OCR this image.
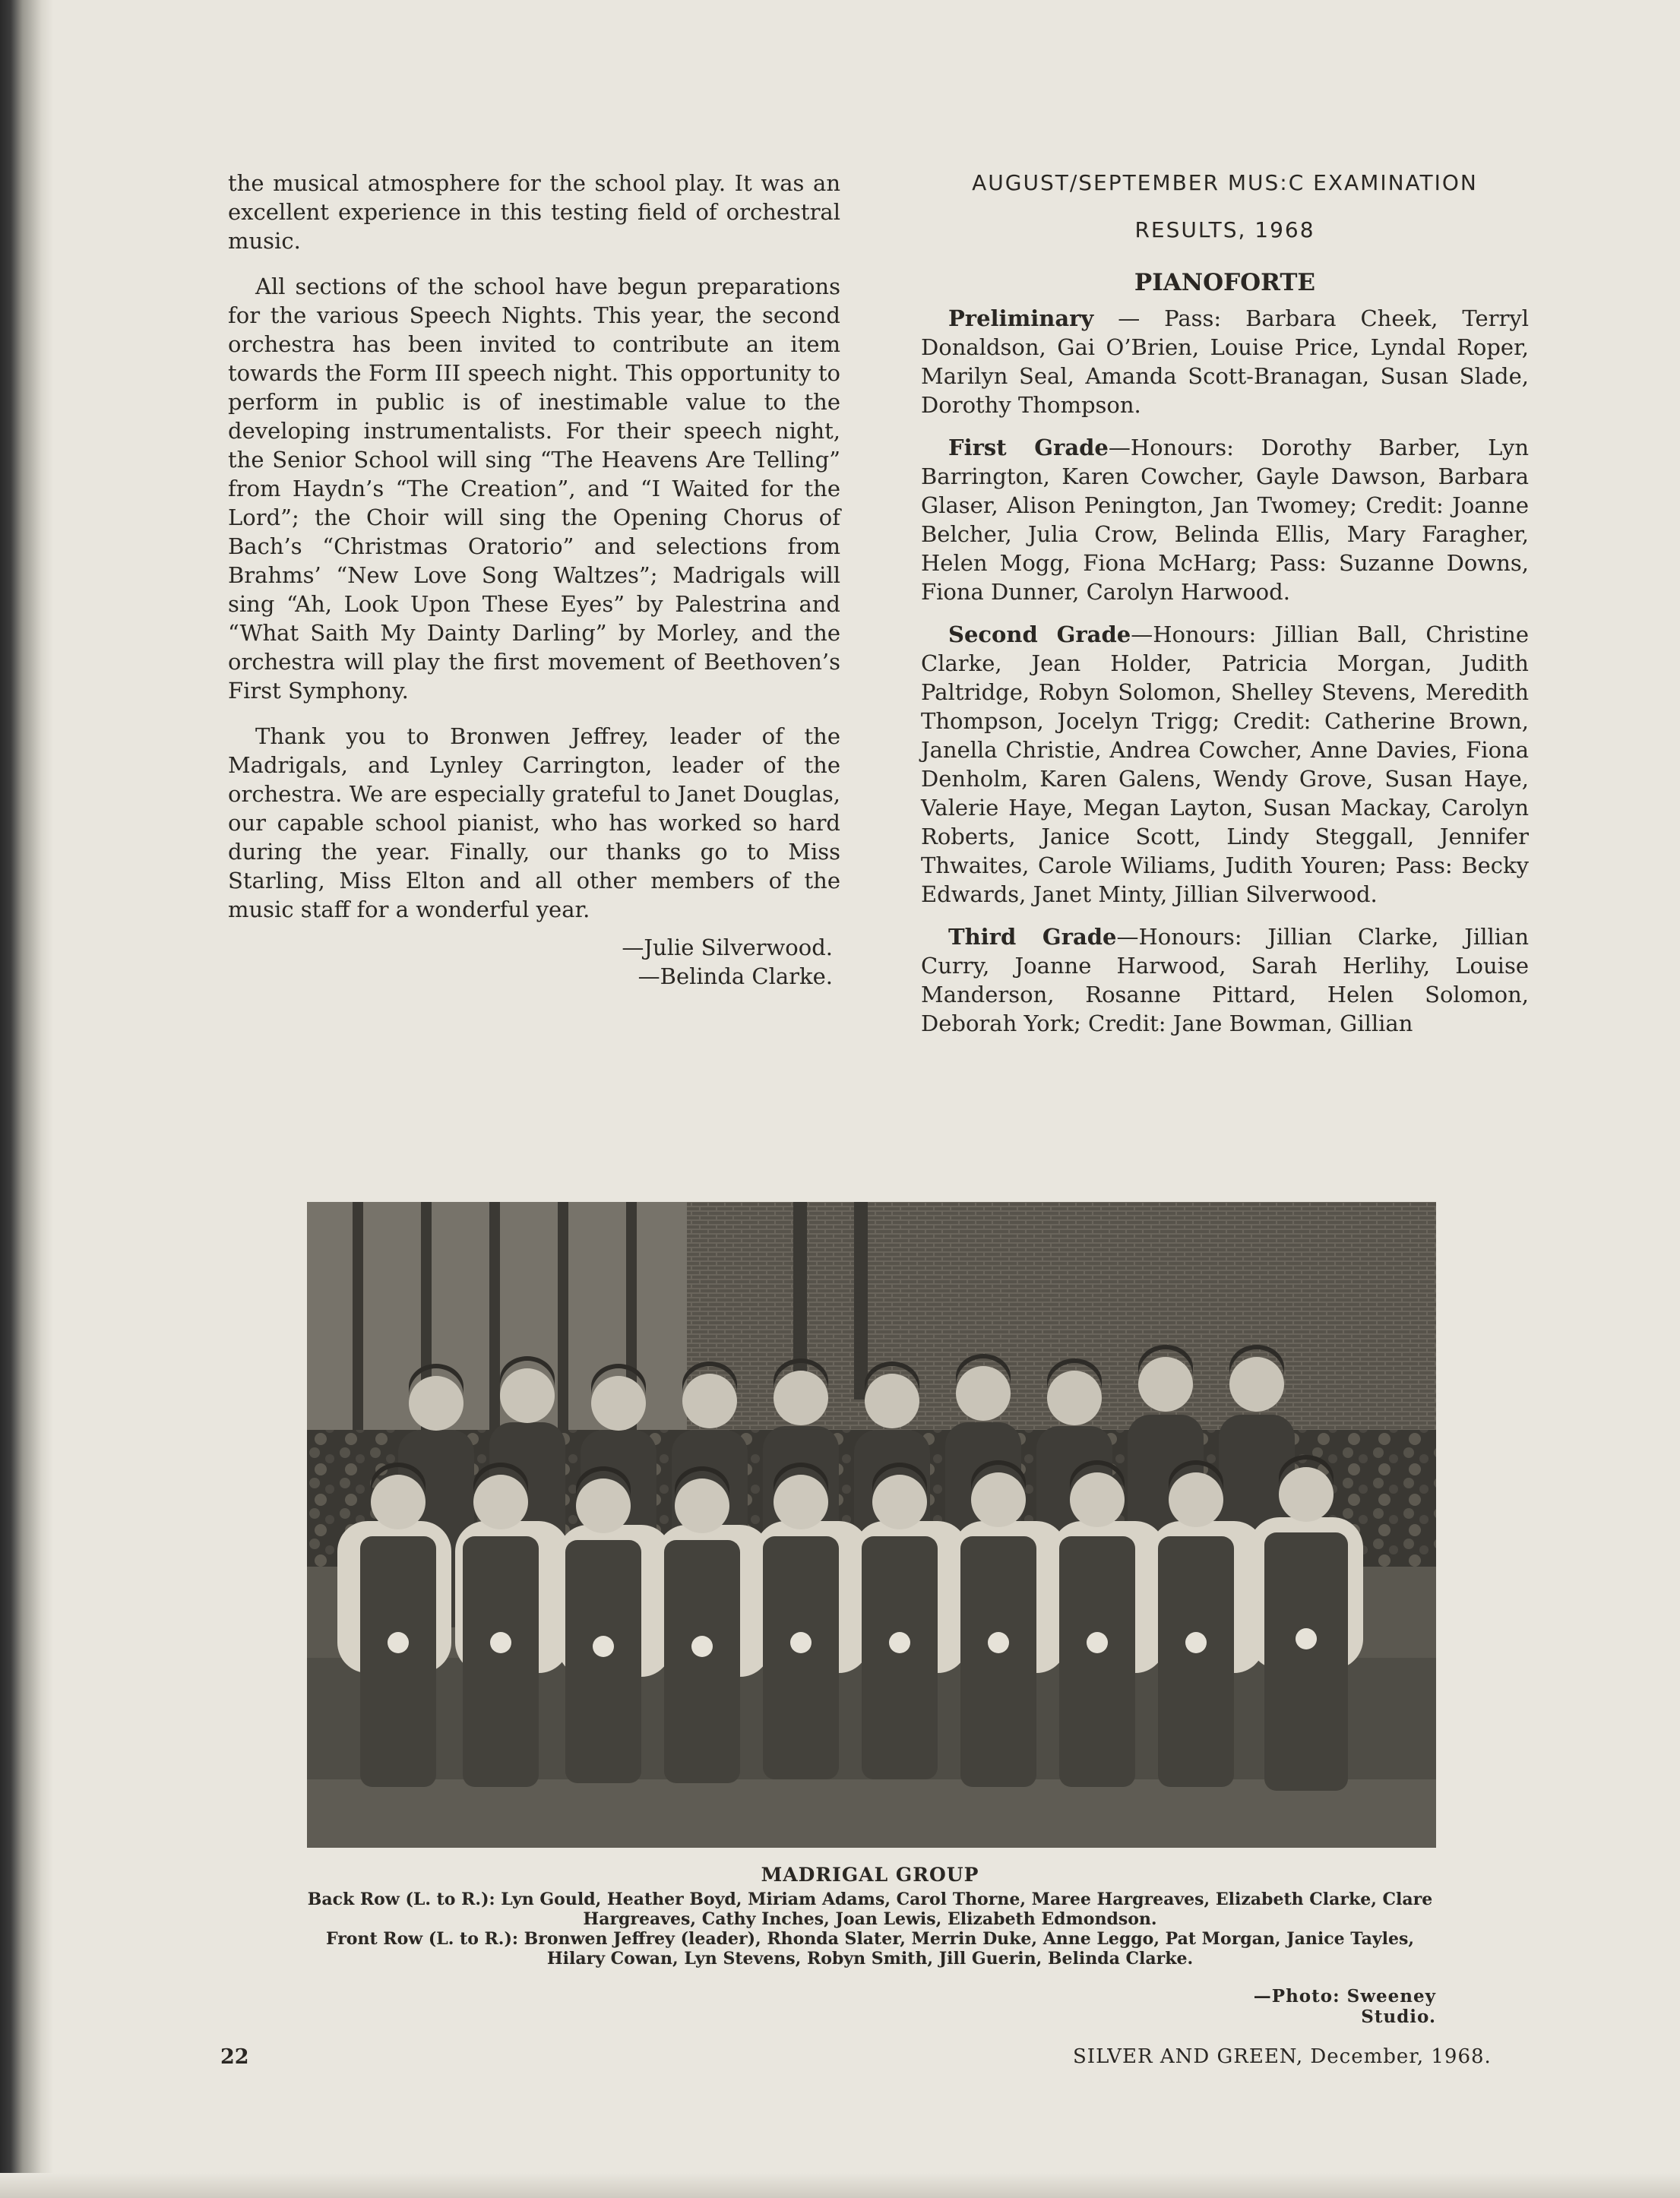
the musical atmosphere for the school play. It was an excellent experience in this testing field of orchestral music.

All sections of the school have begun preparations for the various Speech Nights. This year, the second orchestra has been invited to contribute an item towards the Form III speech night. This opportunity to perform in public is of inestimable value to the developing instrumentalists. For their speech night, the Senior School will sing “The Heavens Are Telling” from Haydn’s “The Creation”, and “I Waited for the Lord”; the Choir will sing the Opening Chorus of Bach’s “Christmas Oratorio” and selections from Brahms’ “New Love Song Waltzes”; Madrigals will sing “Ah, Look Upon These Eyes” by Palestrina and “What Saith My Dainty Darling” by Morley, and the orchestra will play the first movement of Beethoven’s First Symphony.

Thank you to Bronwen Jeffrey, leader of the Madrigals, and Lynley Carrington, leader of the orchestra. We are especially grateful to Janet Douglas, our capable school pianist, who has worked so hard during the year. Finally, our thanks go to Miss Starling, Miss Elton and all other members of the music staff for a wonderful year.

—Julie Silverwood.
—Belinda Clarke.
AUGUST/SEPTEMBER MUS:C EXAMINATION
RESULTS, 1968
PIANOFORTE

Preliminary — Pass: Barbara Cheek, Terryl Donaldson, Gai O’Brien, Louise Price, Lyndal Roper, Marilyn Seal, Amanda Scott-Branagan, Susan Slade, Dorothy Thompson.

First Grade—Honours: Dorothy Barber, Lyn Barrington, Karen Cowcher, Gayle Dawson, Barbara Glaser, Alison Penington, Jan Twomey; Credit: Joanne Belcher, Julia Crow, Belinda Ellis, Mary Faragher, Helen Mogg, Fiona McHarg; Pass: Suzanne Downs, Fiona Dunner, Carolyn Harwood.

Second Grade—Honours: Jillian Ball, Christine Clarke, Jean Holder, Patricia Morgan, Judith Paltridge, Robyn Solomon, Shelley Stevens, Meredith Thompson, Jocelyn Trigg; Credit: Catherine Brown, Janella Christie, Andrea Cowcher, Anne Davies, Fiona Denholm, Karen Galens, Wendy Grove, Susan Haye, Valerie Haye, Megan Layton, Susan Mackay, Carolyn Roberts, Janice Scott, Lindy Steggall, Jennifer Thwaites, Carole Wiliams, Judith Youren; Pass: Becky Edwards, Janet Minty, Jillian Silverwood.

Third Grade—Honours: Jillian Clarke, Jillian Curry, Joanne Harwood, Sarah Herlihy, Louise Manderson, Rosanne Pittard, Helen Solomon, Deborah York; Credit: Jane Bowman, Gillian

MADRIGAL GROUP
Back Row (L. to R.): Lyn Gould, Heather Boyd, Miriam Adams, Carol Thorne, Maree Hargreaves, Elizabeth Clarke, Clare Hargreaves, Cathy Inches, Joan Lewis, Elizabeth Edmondson.
Front Row (L. to R.): Bronwen Jeffrey (leader), Rhonda Slater, Merrin Duke, Anne Leggo, Pat Morgan, Janice Tayles, Hilary Cowan, Lyn Stevens, Robyn Smith, Jill Guerin, Belinda Clarke.
—Photo: Sweeney Studio.
22	SILVER AND GREEN, December, 1968.
